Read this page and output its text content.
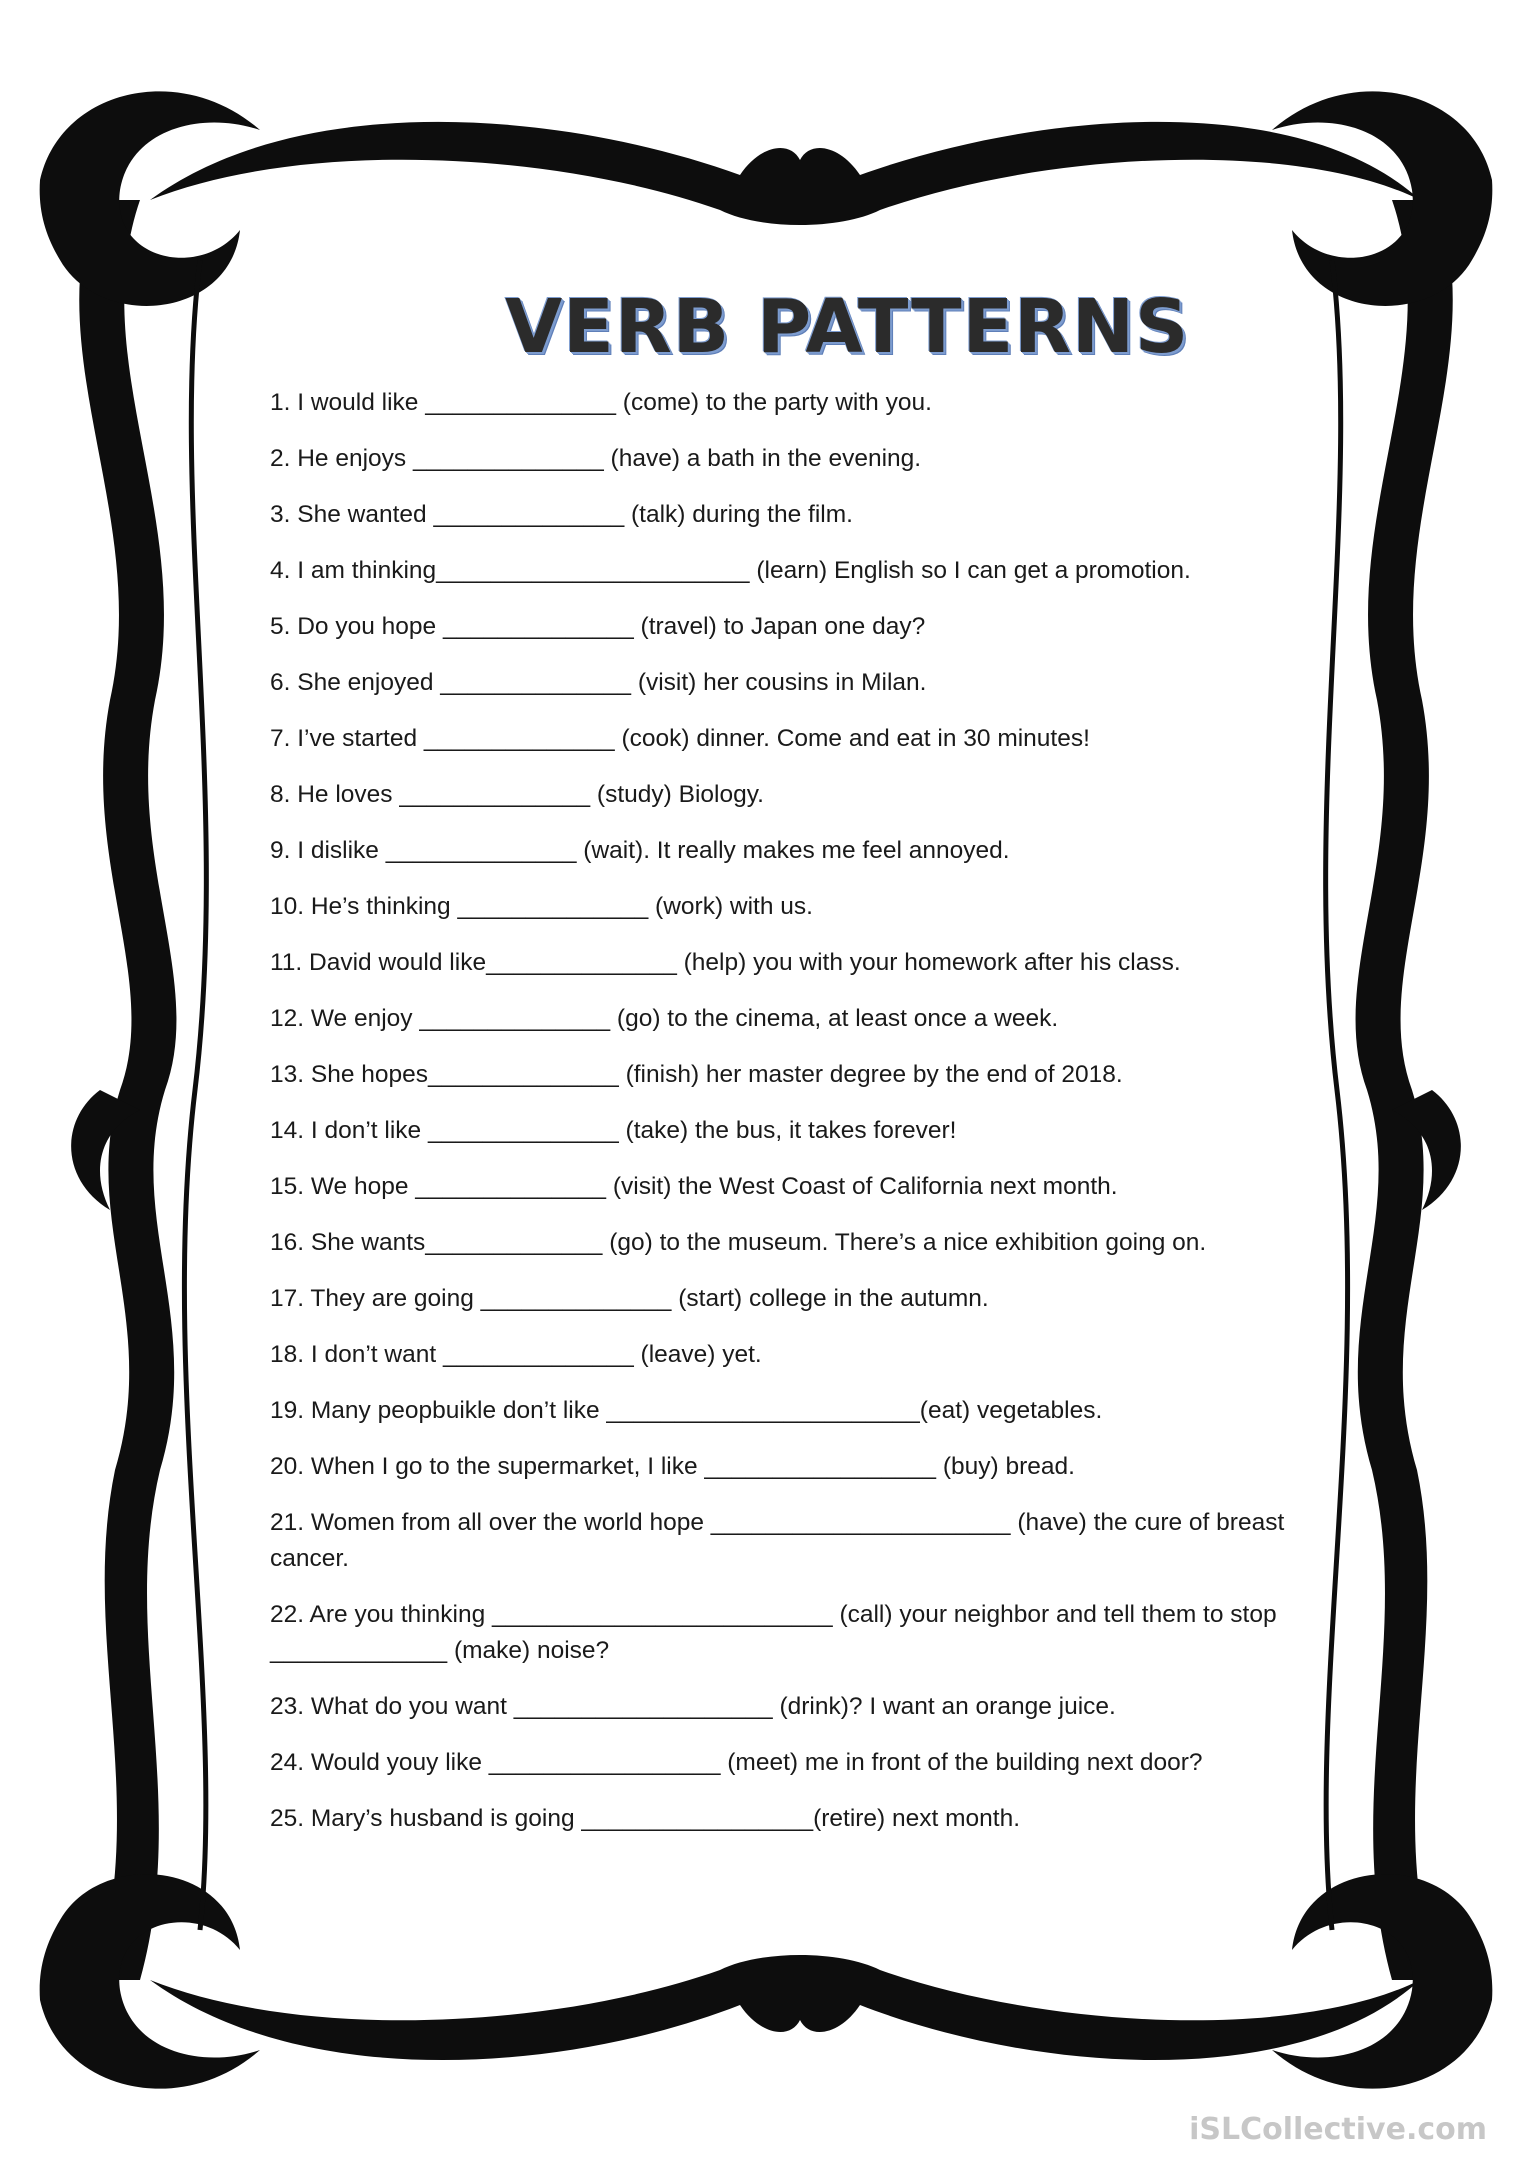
VERB PATTERNS

1. I would like ______________ (come) to the party with you.

2. He enjoys ______________ (have) a bath in the evening.

3. She wanted ______________ (talk) during the film.

4. I am thinking_______________________ (learn) English so I can get a promotion.

5. Do you hope ______________ (travel) to Japan one day?

6. She enjoyed ______________ (visit) her cousins in Milan.

7. I’ve started ______________ (cook) dinner. Come and eat in 30 minutes!

8. He loves ______________ (study) Biology.

9. I dislike ______________ (wait). It really makes me feel annoyed.

10. He’s thinking ______________ (work) with us.

11. David would like______________ (help) you with your homework after his class.

12. We enjoy ______________ (go) to the cinema, at least once a week.

13. She hopes______________ (finish) her master degree by the end of 2018.

14. I don’t like ______________ (take) the bus, it takes forever!

15. We hope ______________ (visit) the West Coast of California next month.

16. She wants_____________ (go) to the museum. There’s a nice exhibition going on.

17. They are going ______________ (start) college in the autumn.

18. I don’t want ______________ (leave) yet.

19. Many peopbuikle don’t like _______________________(eat) vegetables.

20. When I go to the supermarket, I like _________________ (buy) bread.

21. Women from all over the world hope ______________________ (have) the cure of breast cancer.

22. Are you thinking _________________________ (call) your neighbor and tell them to stop _____________ (make) noise?

23. What do you want ___________________ (drink)? I want an orange juice.

24. Would youy like _________________ (meet) me in front of the building next door?

25. Mary’s husband is going _________________(retire) next month.

iSLCollective.com
